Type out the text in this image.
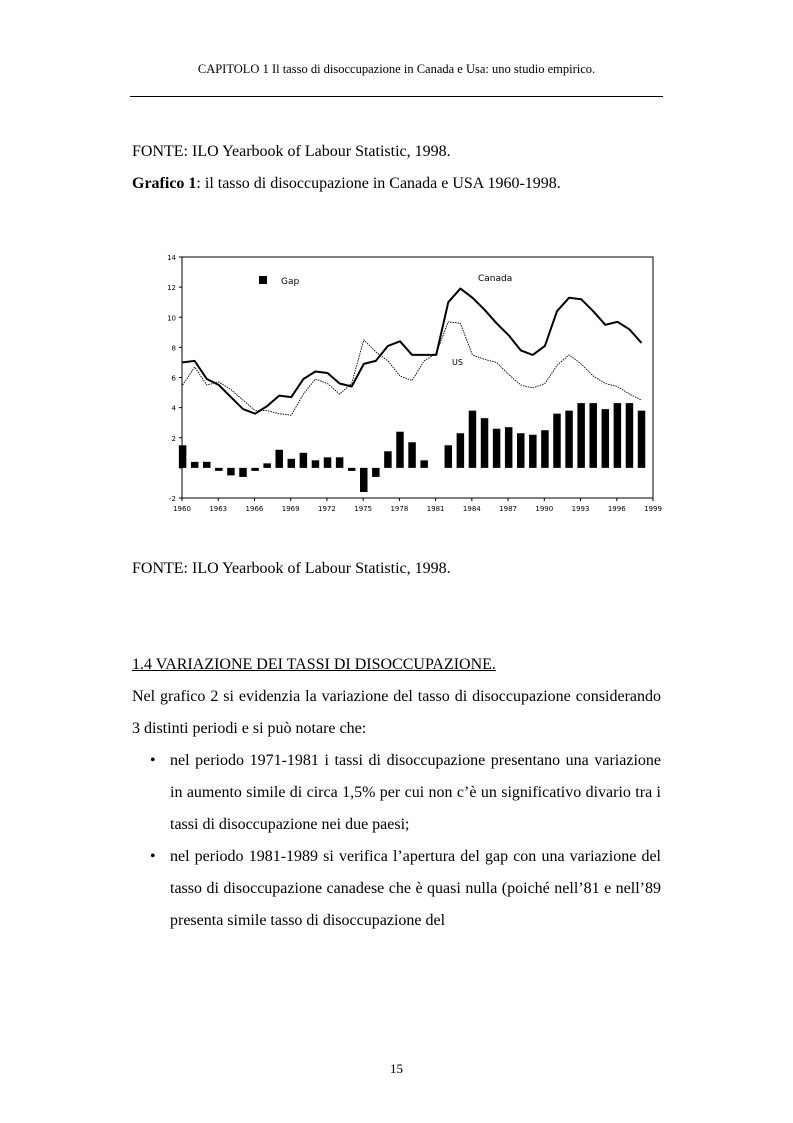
CAPITOLO 1 Il tasso di disoccupazione in Canada e Usa: uno studio empirico.
FONTE: ILO Yearbook of Labour Statistic, 1998.
Grafico 1: il tasso di disoccupazione in Canada e USA 1960-1998.
-2
2
4
6
8
10
12
14
1960	1963	1966	1969	1972	1975	1978	1981	1984	1987	1990	1993	1996	1999
Gap	Canada
US
FONTE: ILO Yearbook of Labour Statistic, 1998.
1.4 VARIAZIONE DEI TASSI DI DISOCCUPAZIONE.
Nel grafico 2 si evidenzia la variazione del tasso di disoccupazione considerando 3 distinti periodi e si può notare che:
• nel periodo 1971-1981 i tassi di disoccupazione presentano una variazione in aumento simile di circa 1,5% per cui non c’è un significativo divario tra i tassi di disoccupazione nei due paesi;
• nel periodo 1981-1989 si verifica l’apertura del gap con una variazione del tasso di disoccupazione canadese che è quasi nulla (poiché nell’81 e nell’89 presenta simile tasso di disoccupazione del
15
